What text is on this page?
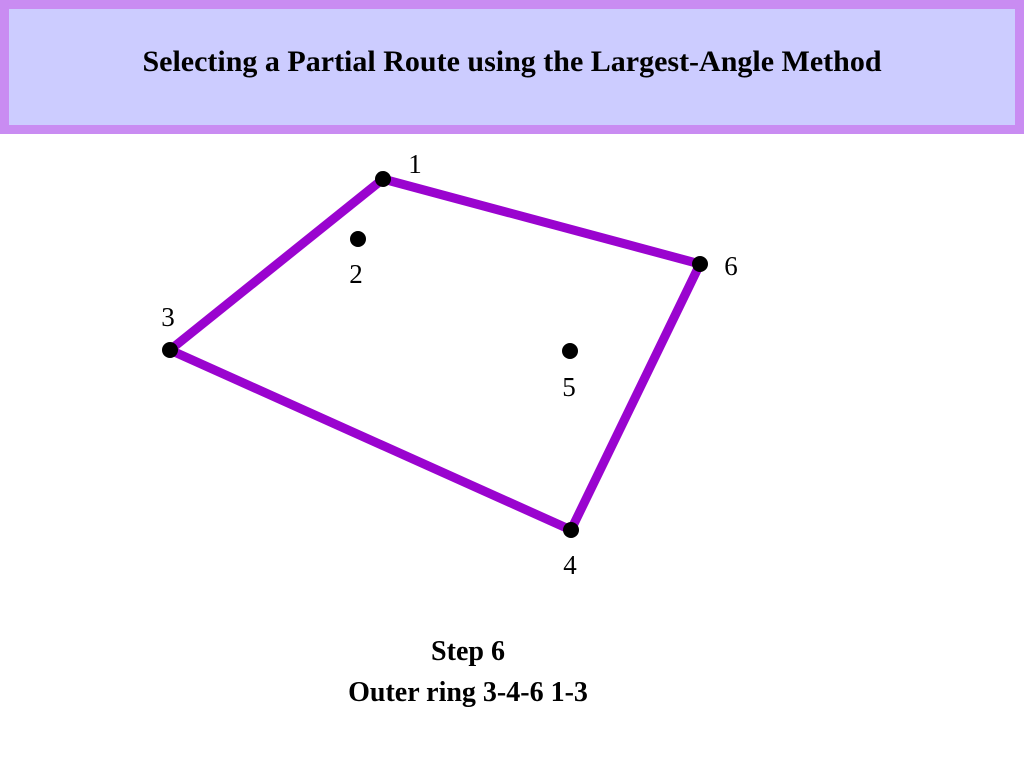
Selecting a Partial Route using the Largest-Angle Method
1
2
3
4
5
6
Step 6
Outer ring 3-4-6 1-3
